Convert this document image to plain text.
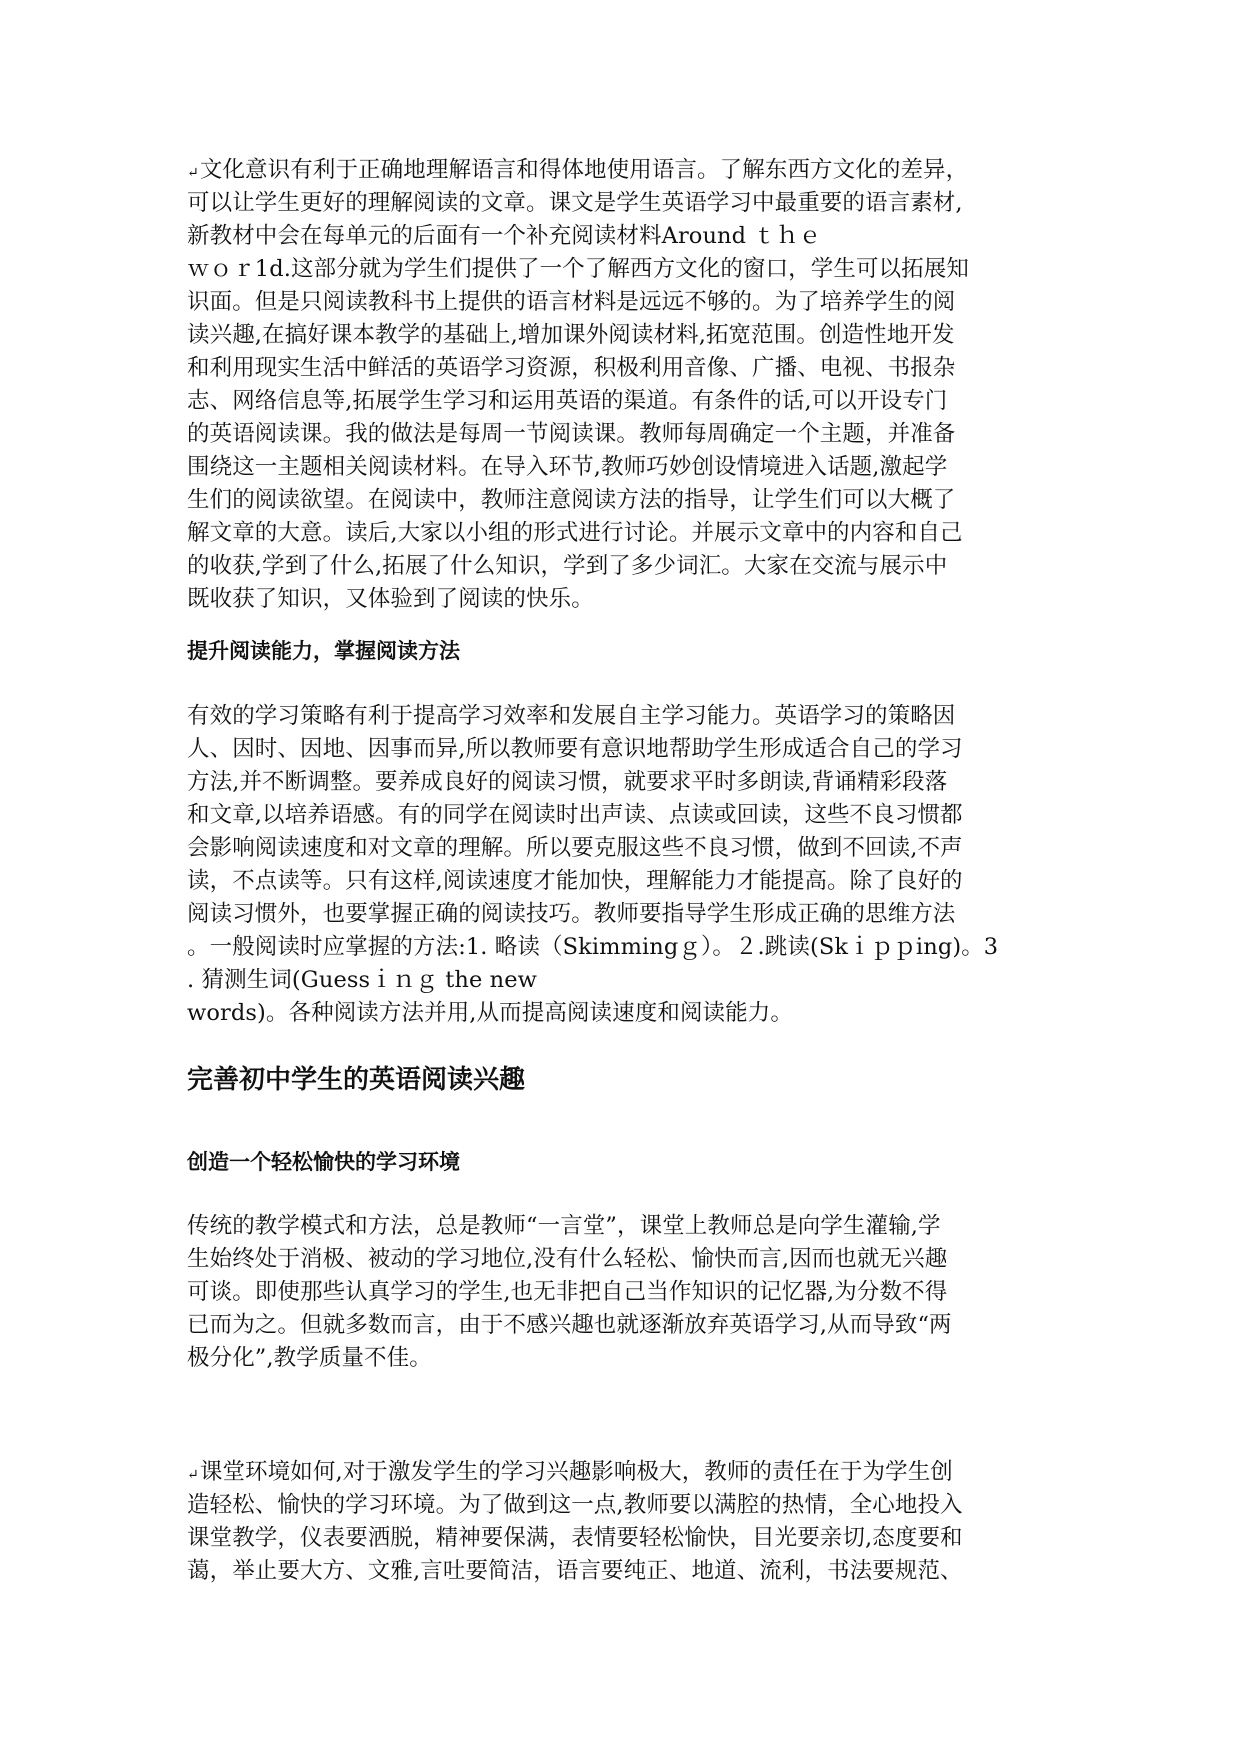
↵文化意识有利于正确地理解语言和得体地使用语言。了解东西方文化的差异，
可以让学生更好的理解阅读的文章。课文是学生英语学习中最重要的语言素材,
新教材中会在每单元的后面有一个补充阅读材料Around ｔｈｅ
ｗｏｒ1d.这部分就为学生们提供了一个了解西方文化的窗口，学生可以拓展知
识面。但是只阅读教科书上提供的语言材料是远远不够的。为了培养学生的阅
读兴趣,在搞好课本教学的基础上,增加课外阅读材料,拓宽范围。创造性地开发
和利用现实生活中鲜活的英语学习资源，积极利用音像、广播、电视、书报杂
志、网络信息等,拓展学生学习和运用英语的渠道。有条件的话,可以开设专门
的英语阅读课。我的做法是每周一节阅读课。教师每周确定一个主题，并准备
围绕这一主题相关阅读材料。在导入环节,教师巧妙创设情境进入话题,激起学
生们的阅读欲望。在阅读中，教师注意阅读方法的指导，让学生们可以大概了
解文章的大意。读后,大家以小组的形式进行讨论。并展示文章中的内容和自己
的收获,学到了什么,拓展了什么知识，学到了多少词汇。大家在交流与展示中
既收获了知识，又体验到了阅读的快乐。
提升阅读能力，掌握阅读方法
有效的学习策略有利于提高学习效率和发展自主学习能力。英语学习的策略因
人、因时、因地、因事而异,所以教师要有意识地帮助学生形成适合自己的学习
方法,并不断调整。要养成良好的阅读习惯，就要求平时多朗读,背诵精彩段落
和文章,以培养语感。有的同学在阅读时出声读、点读或回读，这些不良习惯都
会影响阅读速度和对文章的理解。所以要克服这些不良习惯，做到不回读,不声
读，不点读等。只有这样,阅读速度才能加快，理解能力才能提高。除了良好的
阅读习惯外，也要掌握正确的阅读技巧。教师要指导学生形成正确的思维方法
。一般阅读时应掌握的方法:1. 略读（Skimmingｇ）。２.跳读(Skｉｐｐing)。3
. 猜测生词(Guessｉｎｇ the new
words)。各种阅读方法并用,从而提高阅读速度和阅读能力。
完善初中学生的英语阅读兴趣
创造一个轻松愉快的学习环境
传统的教学模式和方法，总是教师“一言堂”，课堂上教师总是向学生灌输,学
生始终处于消极、被动的学习地位,没有什么轻松、愉快而言,因而也就无兴趣
可谈。即使那些认真学习的学生,也无非把自己当作知识的记忆器,为分数不得
已而为之。但就多数而言，由于不感兴趣也就逐渐放弃英语学习,从而导致“两
极分化”,教学质量不佳。
↵课堂环境如何,对于激发学生的学习兴趣影响极大，教师的责任在于为学生创
造轻松、愉快的学习环境。为了做到这一点,教师要以满腔的热情，全心地投入
课堂教学，仪表要洒脱，精神要保满，表情要轻松愉快，目光要亲切,态度要和
蔼，举止要大方、文雅,言吐要简洁，语言要纯正、地道、流利，书法要规范、
